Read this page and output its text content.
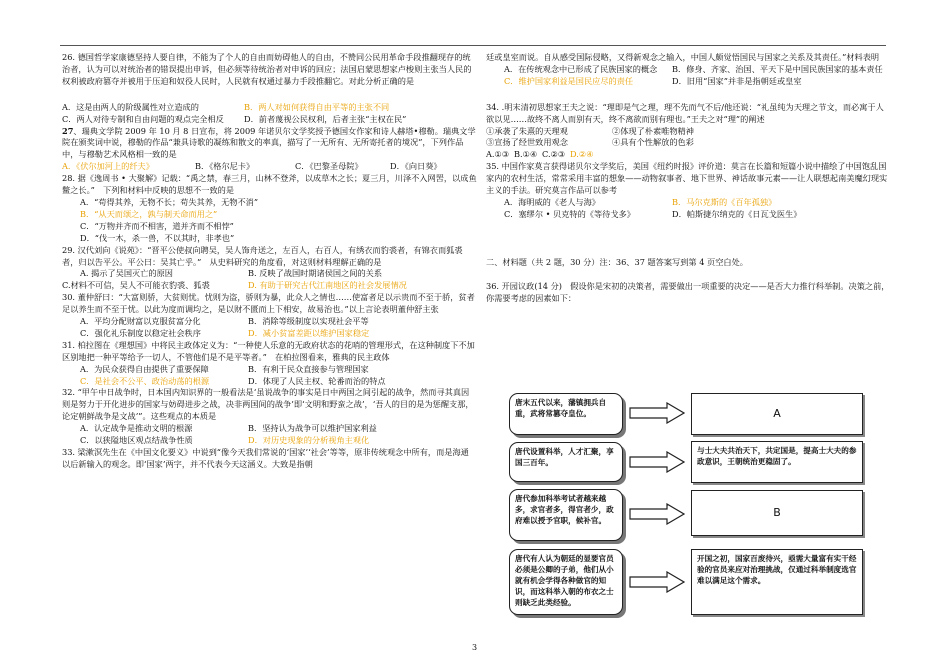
26. 德国哲学家康德坚持人要自律，不能为了个人的自由而妨碍他人的自由，不赞同公民用革命手段推翻现存的统治者，认为可以对统治者的错误提出申诉，但必须等待统治者对申诉的回应；法国启蒙思想家卢梭则主张当人民的权利被政府篡夺并被用于压迫和奴役人民时，人民就有权通过暴力手段推翻它。对此分析正确的是

A．这是由两人的阶级属性对立造成的	B．两人对如何获得自由平等的主张不同
C．两人对待专制和自由问题的观点完全相反	D．前者蔑视公民权利，后者主张“主权在民”

27、瑞典文学院 2009 年 10 月 8 日宣布，将 2009 年诺贝尔文学奖授予德国女作家和诗人赫塔•穆勒。瑞典文学院在颁奖词中说，穆勒的作品“兼具诗歌的凝练和散文的率真，描写了一无所有、无所寄托者的境况”，下列作品中，与穆勒艺术风格相一致的是

A．《伏尔加河上的纤夫》	B．《格尔尼卡》	C．《巴黎圣母院》	D．《向日葵》

28. 据《逸周书 • 大聚解》记载：“禹之禁，春三月，山林不登斧，以成草木之长；夏三月，川泽不入网罟，以成鱼鳖之长。”　下列和材料中反映的思想不一致的是

A．“苟得其养，无物不长；苟失其养，无物不消”

B．“从天而颂之，孰与制天命而用之”

C．“万物并齐而不相害，道并齐而不相悖”

D．“伐一木，杀一兽，不以其时，非孝也”

29. 汉代刘向《说苑》：“晋平公使叔向聘吴，吴人饰舟送之，左百人，右百人，有绣衣而豹裘者，有锦衣而狐裘者，归以告平公。平公曰：吴其亡乎。”　从史料研究的角度看，对这则材料理解正确的是

A. 揭示了吴国灭亡的原因	B. 反映了战国时期诸侯国之间的关系
C.材料不可信，吴人不可能衣豹裘、狐裘	D. 有助于研究古代江南地区的社会发展情况

30. 董仲舒曰：“大富则骄，大贫则忧。忧则为盗，骄则为暴，此众人之情也……使富者足以示贵而不至于骄，贫者足以养生而不至于忧。以此为度而调均之，是以财不匮而上下相安，故易治也。”以上言论表明董仲舒主张

A．平均分配财富以克服贫富分化	B．消除等级制度以实现社会平等
C．强化礼乐制度以稳定社会秩序	D．减小贫富差距以维护国家稳定

31. 柏拉图在《理想国》中将民主政体定义为：“一种使人乐意的无政府状态的花哨的管理形式，在这种制度下不加区别地把一种平等给予一切人，不管他们是不是平等者。”　在柏拉图看来，雅典的民主政体

A．为民众获得自由提供了重要保障	B．有利于民众直接参与管理国家
C．是社会不公平、政治动荡的根源	D．体现了人民主权、轮番而治的特点

32. “甲午中日战争时，日本国内知识界的一般看法是‘虽说战争的事实是日中两国之间引起的战争，然而寻其真因则是努力于开化进步的国家与妨碍进步之战，决非两国间的战争’即‘文明和野蛮之战’，‘吾人的目的是为惩醒支那，论定朝鲜战争是文战’”。这些观点的本质是

A．认定战争是推动文明的根源	B．坚持认为战争可以维护国家利益
C．以狭隘地区观点结战争性质	D．对历史现象的分析视角主观化

33. 梁漱溟先生在《中国文化要义》中说到“像今天我们常说的‘国家’‘社会’等等，原非传统观念中所有，而是海通以后新输入的观念。即‘国家’两字，并不代表今天这涵义。大致是指朝

廷或皇室而说。自从感受国际侵略，又得新观念之输入，中国人颇觉悟国民与国家之关系及其责任。”材料表明

A．在传统观念中已形成了民族国家的概念	B．修身、齐家、治国、平天下是中国民族国家的基本责任
C．维护国家利益是国民应尽的责任	D．旧用“国家”并非是指朝廷或皇室

34. .明末清初思想家王夫之说：“理即是气之理，理不先而气不后/他还说：“礼虽纯为天理之节文，而必寓于人欲以见……故终不离人而别有天，终不离欲而别有理也。”王夫之对“理”的阐述

①承袭了朱熹的天理观	②体现了朴素唯物精神
③宣扬了经世致用观念	④具有个性解放的色彩
A.①③ B.①④ C.②③ D.②④

35. 中国作家莫言获得诺贝尔文学奖后，美国《纽约时报》评价道：莫言在长篇和短篇小说中描绘了中国饱乱国家内的农村生活，常常采用丰富的想象——动物叙事者、地下世界、神话故事元素——让人联想起南美魔幻现实主义的手法。研究莫言作品可以参考

A．海明威的《老人与海》	B．马尔克斯的《百年孤独》
C．塞缪尔 • 贝克特的《等待戈多》	D．帕斯捷尔纳克的《日瓦戈医生》

二、材料题（共 2 题，30 分）注：36、37 题答案写到第 4 页空白处。

36. 开园议政(14 分)　假设你是宋初的决策者，需要做出一项重要的决定——是否大力推行科举制。决策之前，你需要考虑的因素如下：

唐末五代以来，藩镇拥兵自重，武将常篡夺皇位。
唐代设置科举，人才汇聚，享国三百年。
唐代参加科举考试者越来越多，求官者多，得官者少，政府难以授予官职，候补官。
唐代有人认为朝廷的显要官员必须是公卿的子弟，他们从小就有机会学得各种做官的知识，而这科举入朝的布衣之士则缺乏此类经验。
A
与士大夫共治天下，共定国是，提高士大夫的参政意识，王朝统治更稳固了。
B
开国之初，国家百废待兴，亟需大量富有实干经验的官员来应对治理挑战，仅通过科举制度选官难以满足这个需求。
3
